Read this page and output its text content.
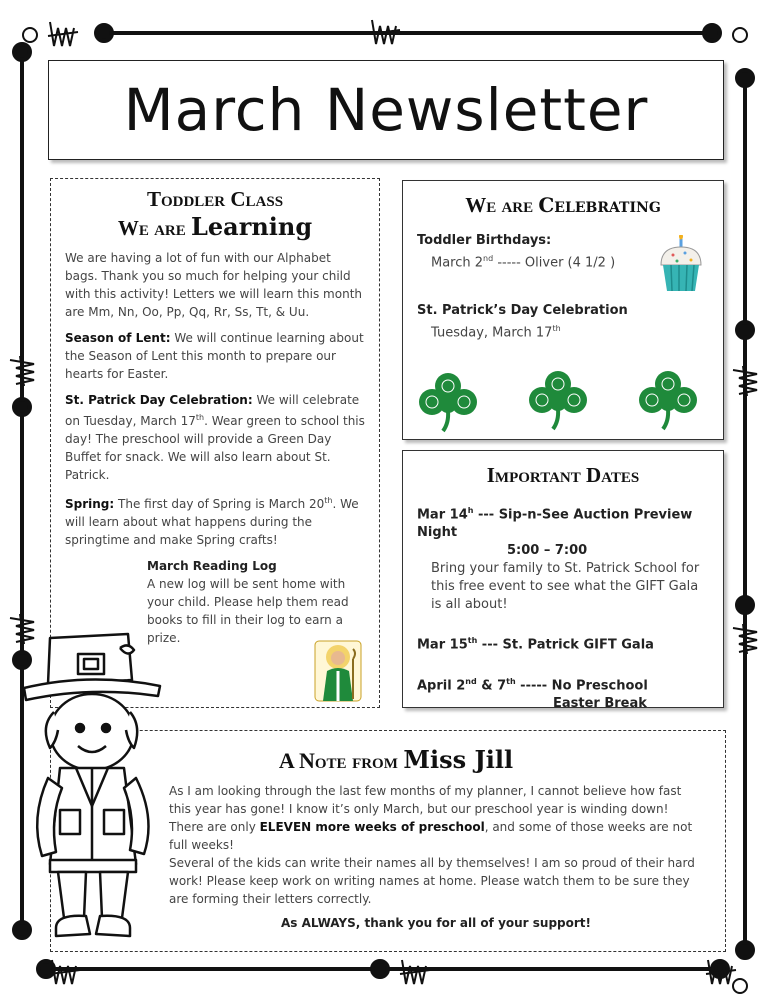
March Newsletter
Toddler Class
We are Learning

We are having a lot of fun with our Alphabet bags. Thank you so much for helping your child with this activity! Letters we will learn this month are Mm, Nn, Oo, Pp, Qq, Rr, Ss, Tt, & Uu.

Season of Lent: We will continue learning about the Season of Lent this month to prepare our hearts for Easter.

St. Patrick Day Celebration: We will celebrate on Tuesday, March 17th. Wear green to school this day! The preschool will provide a Green Day Buffet for snack. We will also learn about St. Patrick.

Spring: The first day of Spring is March 20th. We will learn about what happens during the springtime and make Spring crafts!

March Reading Log

A new log will be sent home with your child. Please help them read books to fill in their log to earn a prize.

We are Celebrating

Toddler Birthdays:

March 2nd ----- Oliver (4 1/2 )

St. Patrick’s Day Celebration

Tuesday, March 17th

Important Dates

Mar 14$^h$ --- Sip-n-See Auction Preview Night

5:00 – 7:00

Bring your family to St. Patrick School for this free event to see what the GIFT Gala is all about!

Mar 15th --- St. Patrick GIFT Gala

April 2nd & 7th ----- No Preschool

Easter Break

A Note from Miss Jill

As I am looking through the last few months of my planner, I cannot believe how fast this year has gone! I know it’s only March, but our preschool year is winding down!

There are only ELEVEN more weeks of preschool, and some of those weeks are not full weeks!

Several of the kids can write their names all by themselves! I am so proud of their hard work! Please keep work on writing names at home. Please watch them to be sure they are forming their letters correctly.

As ALWAYS, thank you for all of your support!
